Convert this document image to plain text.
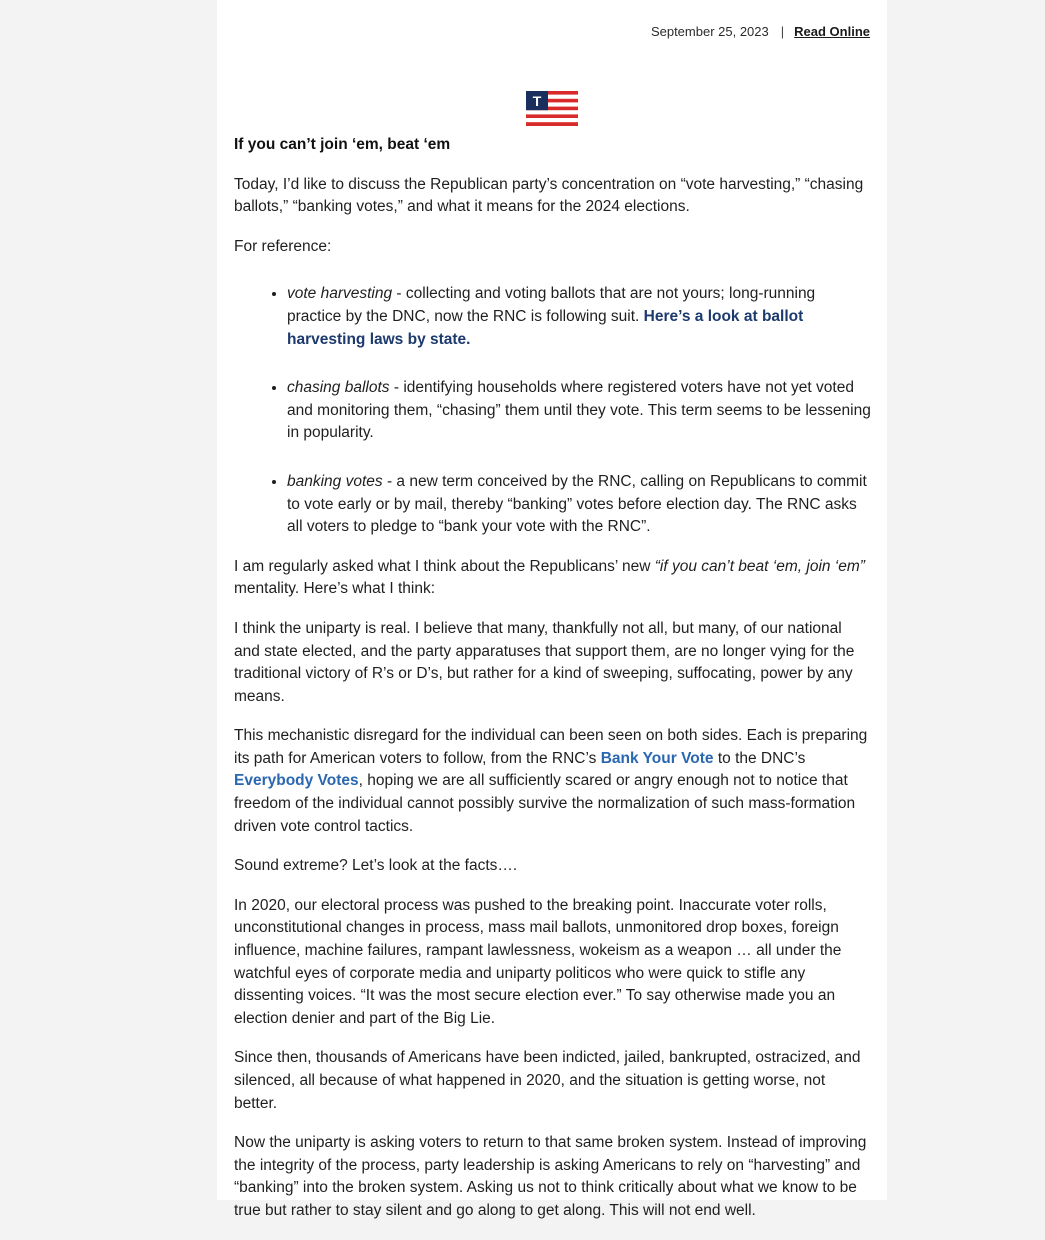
September 25, 2023 | Read Online
T

If you can’t join ‘em, beat ‘em

Today, I’d like to discuss the Republican party’s concentration on “vote harvesting,” “chasing ballots,” “banking votes,” and what it means for the 2024 elections.

For reference:

• vote harvesting - collecting and voting ballots that are not yours; long-running practice by the DNC, now the RNC is following suit. Here’s a look at ballot harvesting laws by state.
• chasing ballots - identifying households where registered voters have not yet voted and monitoring them, “chasing” them until they vote. This term seems to be lessening in popularity.
• banking votes - a new term conceived by the RNC, calling on Republicans to commit to vote early or by mail, thereby “banking” votes before election day. The RNC asks all voters to pledge to “bank your vote with the RNC”.

I am regularly asked what I think about the Republicans’ new “if you can’t beat ‘em, join ‘em” mentality. Here’s what I think:

I think the uniparty is real. I believe that many, thankfully not all, but many, of our national and state elected, and the party apparatuses that support them, are no longer vying for the traditional victory of R’s or D’s, but rather for a kind of sweeping, suffocating, power by any means.

This mechanistic disregard for the individual can been seen on both sides. Each is preparing its path for American voters to follow, from the RNC’s Bank Your Vote to the DNC’s Everybody Votes, hoping we are all sufficiently scared or angry enough not to notice that freedom of the individual cannot possibly survive the normalization of such mass-formation driven vote control tactics.

Sound extreme? Let’s look at the facts….

In 2020, our electoral process was pushed to the breaking point. Inaccurate voter rolls, unconstitutional changes in process, mass mail ballots, unmonitored drop boxes, foreign influence, machine failures, rampant lawlessness, wokeism as a weapon … all under the watchful eyes of corporate media and uniparty politicos who were quick to stifle any dissenting voices. “It was the most secure election ever.” To say otherwise made you an election denier and part of the Big Lie.

Since then, thousands of Americans have been indicted, jailed, bankrupted, ostracized, and silenced, all because of what happened in 2020, and the situation is getting worse, not better.

Now the uniparty is asking voters to return to that same broken system. Instead of improving the integrity of the process, party leadership is asking Americans to rely on “harvesting” and “banking” into the broken system. Asking us not to think critically about what we know to be true but rather to stay silent and go along to get along. This will not end well.
